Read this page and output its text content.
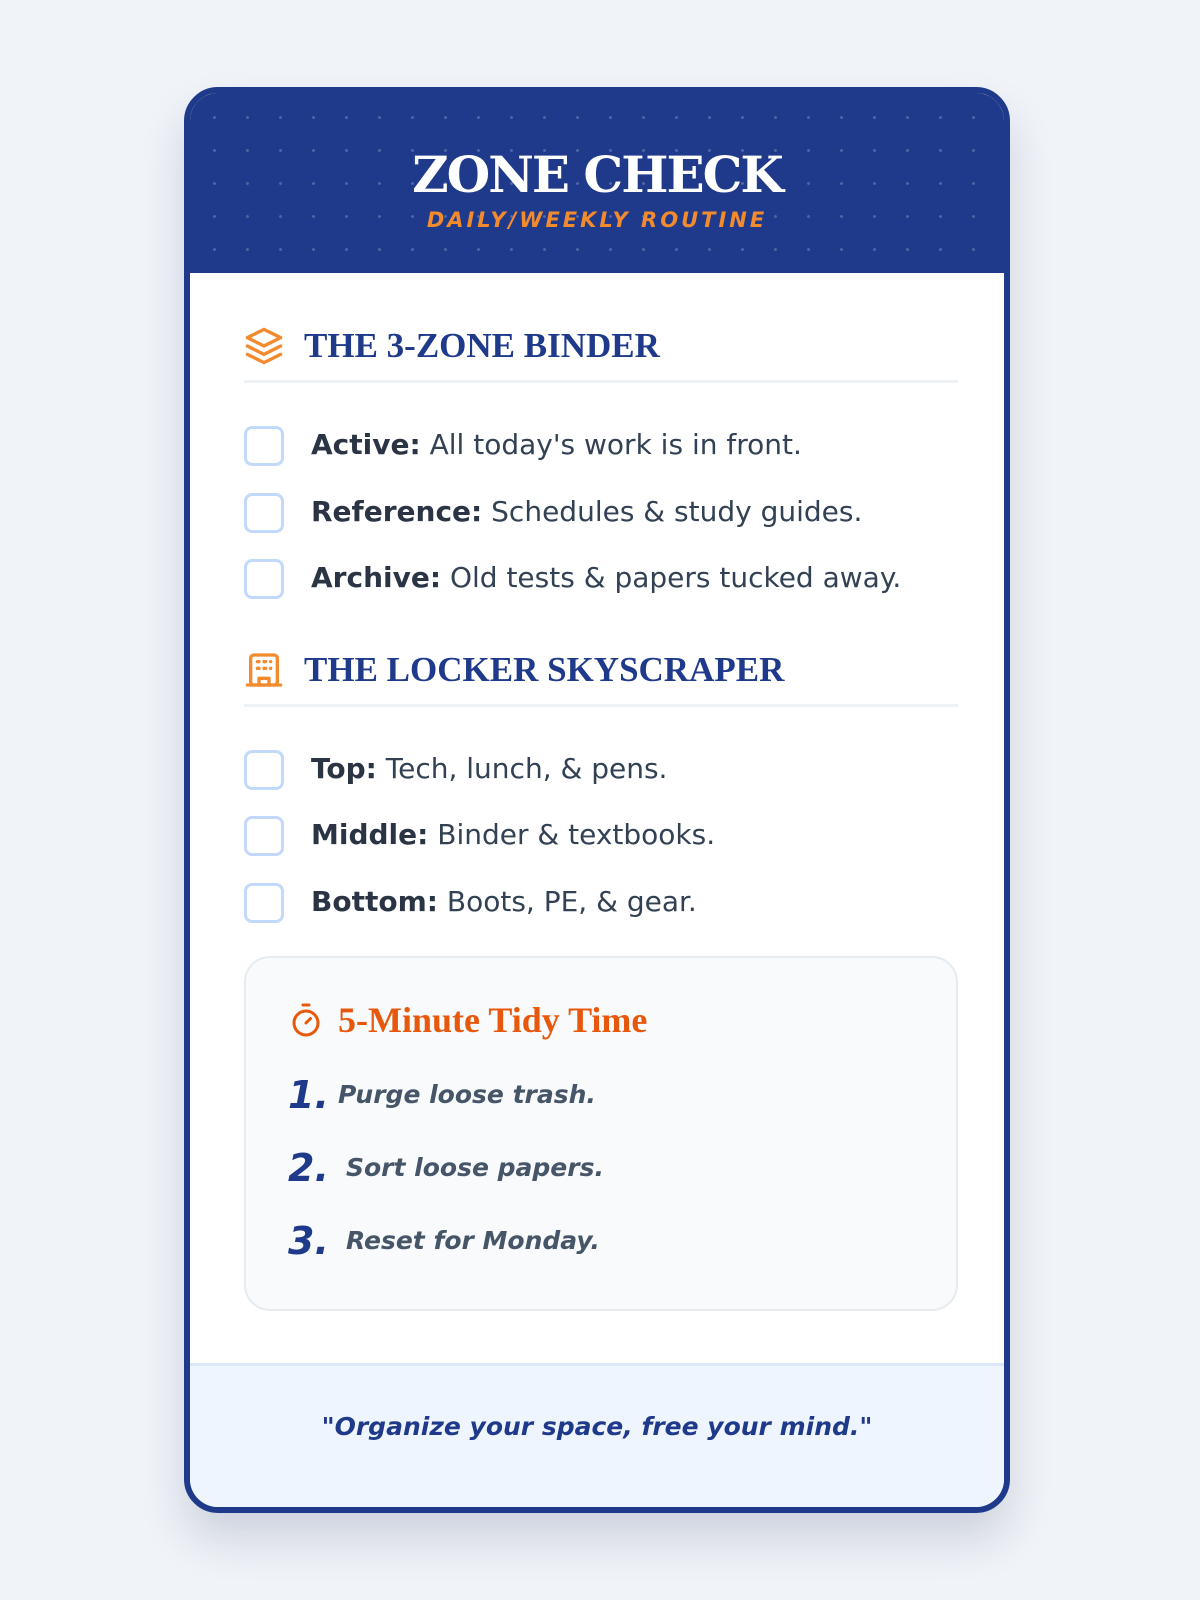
ZONE CHECK
DAILY/WEEKLY ROUTINE
THE 3-ZONE BINDER
Active: All today's work is in front.
Reference: Schedules & study guides.
Archive: Old tests & papers tucked away.
THE LOCKER SKYSCRAPER
Top: Tech, lunch, & pens.
Middle: Binder & textbooks.
Bottom: Boots, PE, & gear.
5-Minute Tidy Time
1. Purge loose trash.
2. Sort loose papers.
3. Reset for Monday.
"Organize your space, free your mind."
